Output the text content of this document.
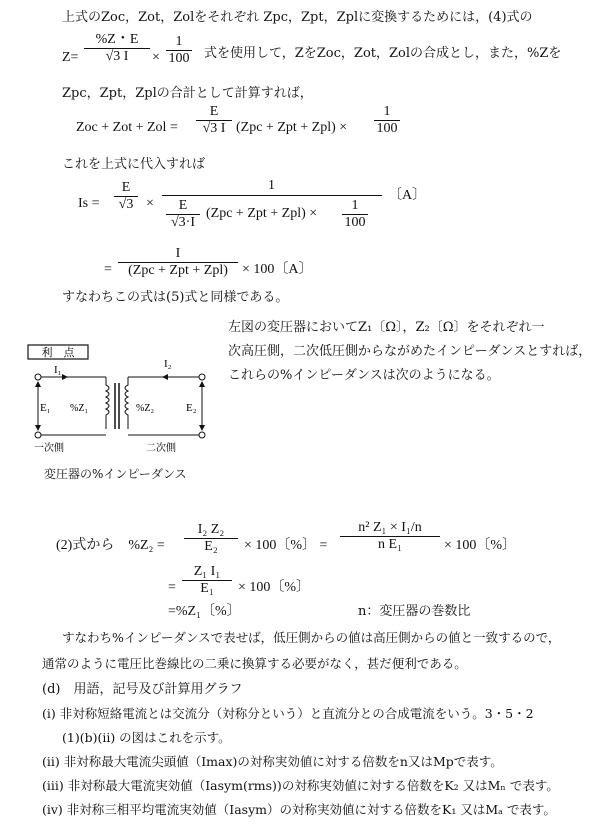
上式のZoc，Zot，Zolをそれぞれ Zpc，Zpt，Zplに変換するためには，(4)式の
$Z= \frac{\%Z・E}{√3 I} \times \frac{1}{100}$ 式を使用して，ZをZoc，Zot，Zolの合成とし，また，%Zを
Zpc，Zpt，Zplの合計として計算すれば，
Zoc + Zot + Zol = $\frac{E}{√3 I} (Zpc$ + Zpt + $Zpl) \times \frac{1}{100}$
これを上式に代入すれば
$Is = \frac{E}{√3}$ ×
1
$\frac{E}{√3\cdot I} (Zpc$ + Zpt + $Zpl) \times \frac{1}{100}$
〔A〕
=
I
(Zpc + Zpt + Zpl)	× 100〔A〕
すなわちこの式は(5)式と同様である。
左図の変圧器においてZ₁〔Ω〕，Z₂〔Ω〕をそれぞれ一
次高圧側，二次低圧側からながめたインピーダンスとすれば，
これらの%インピーダンスは次のようになる。
利　点
I₁	I₂
E₁	E₂
%Z₁	%Z₂
一次側	二次側
変圧器の%インピーダンス
(2)式から　$\%Z_2 = \frac{\text{I₂ Z₂}}{\text{E₂}} \times 100$〔%〕 = $\frac{\text{n² Z₁ × I₁/n}}{\text{n E₁}} \times 100$〔%〕
= $\frac{\text{Z₁ I₁}}{\text{E₁}} \times 100$〔%〕
=%Z₁〔%〕	n：変圧器の巻数比
すなわち%インピーダンスで表せば，低圧側からの値は高圧側からの値と一致するので，
通常のように電圧比巻線比の二乗に換算する必要がなく，甚だ便利である。
(d)　用語，記号及び計算用グラフ
(ⅰ) 非対称短絡電流とは交流分（対称分という）と直流分との合成電流をいう。3・5・2
(1)(b)(ⅱ) の図はこれを示す。
(ⅱ) 非対称最大電流尖頭値（Imax)の対称実効値に対する倍数をn又はMpで表す。
(ⅲ) 非対称最大電流実効値（Iasym(rms))の対称実効値に対する倍数をK₂ 又はMₙ で表す。
(ⅳ) 非対称三相平均電流実効値（Iasym）の対称実効値に対する倍数をK₁ 又はMₐ で表す。
